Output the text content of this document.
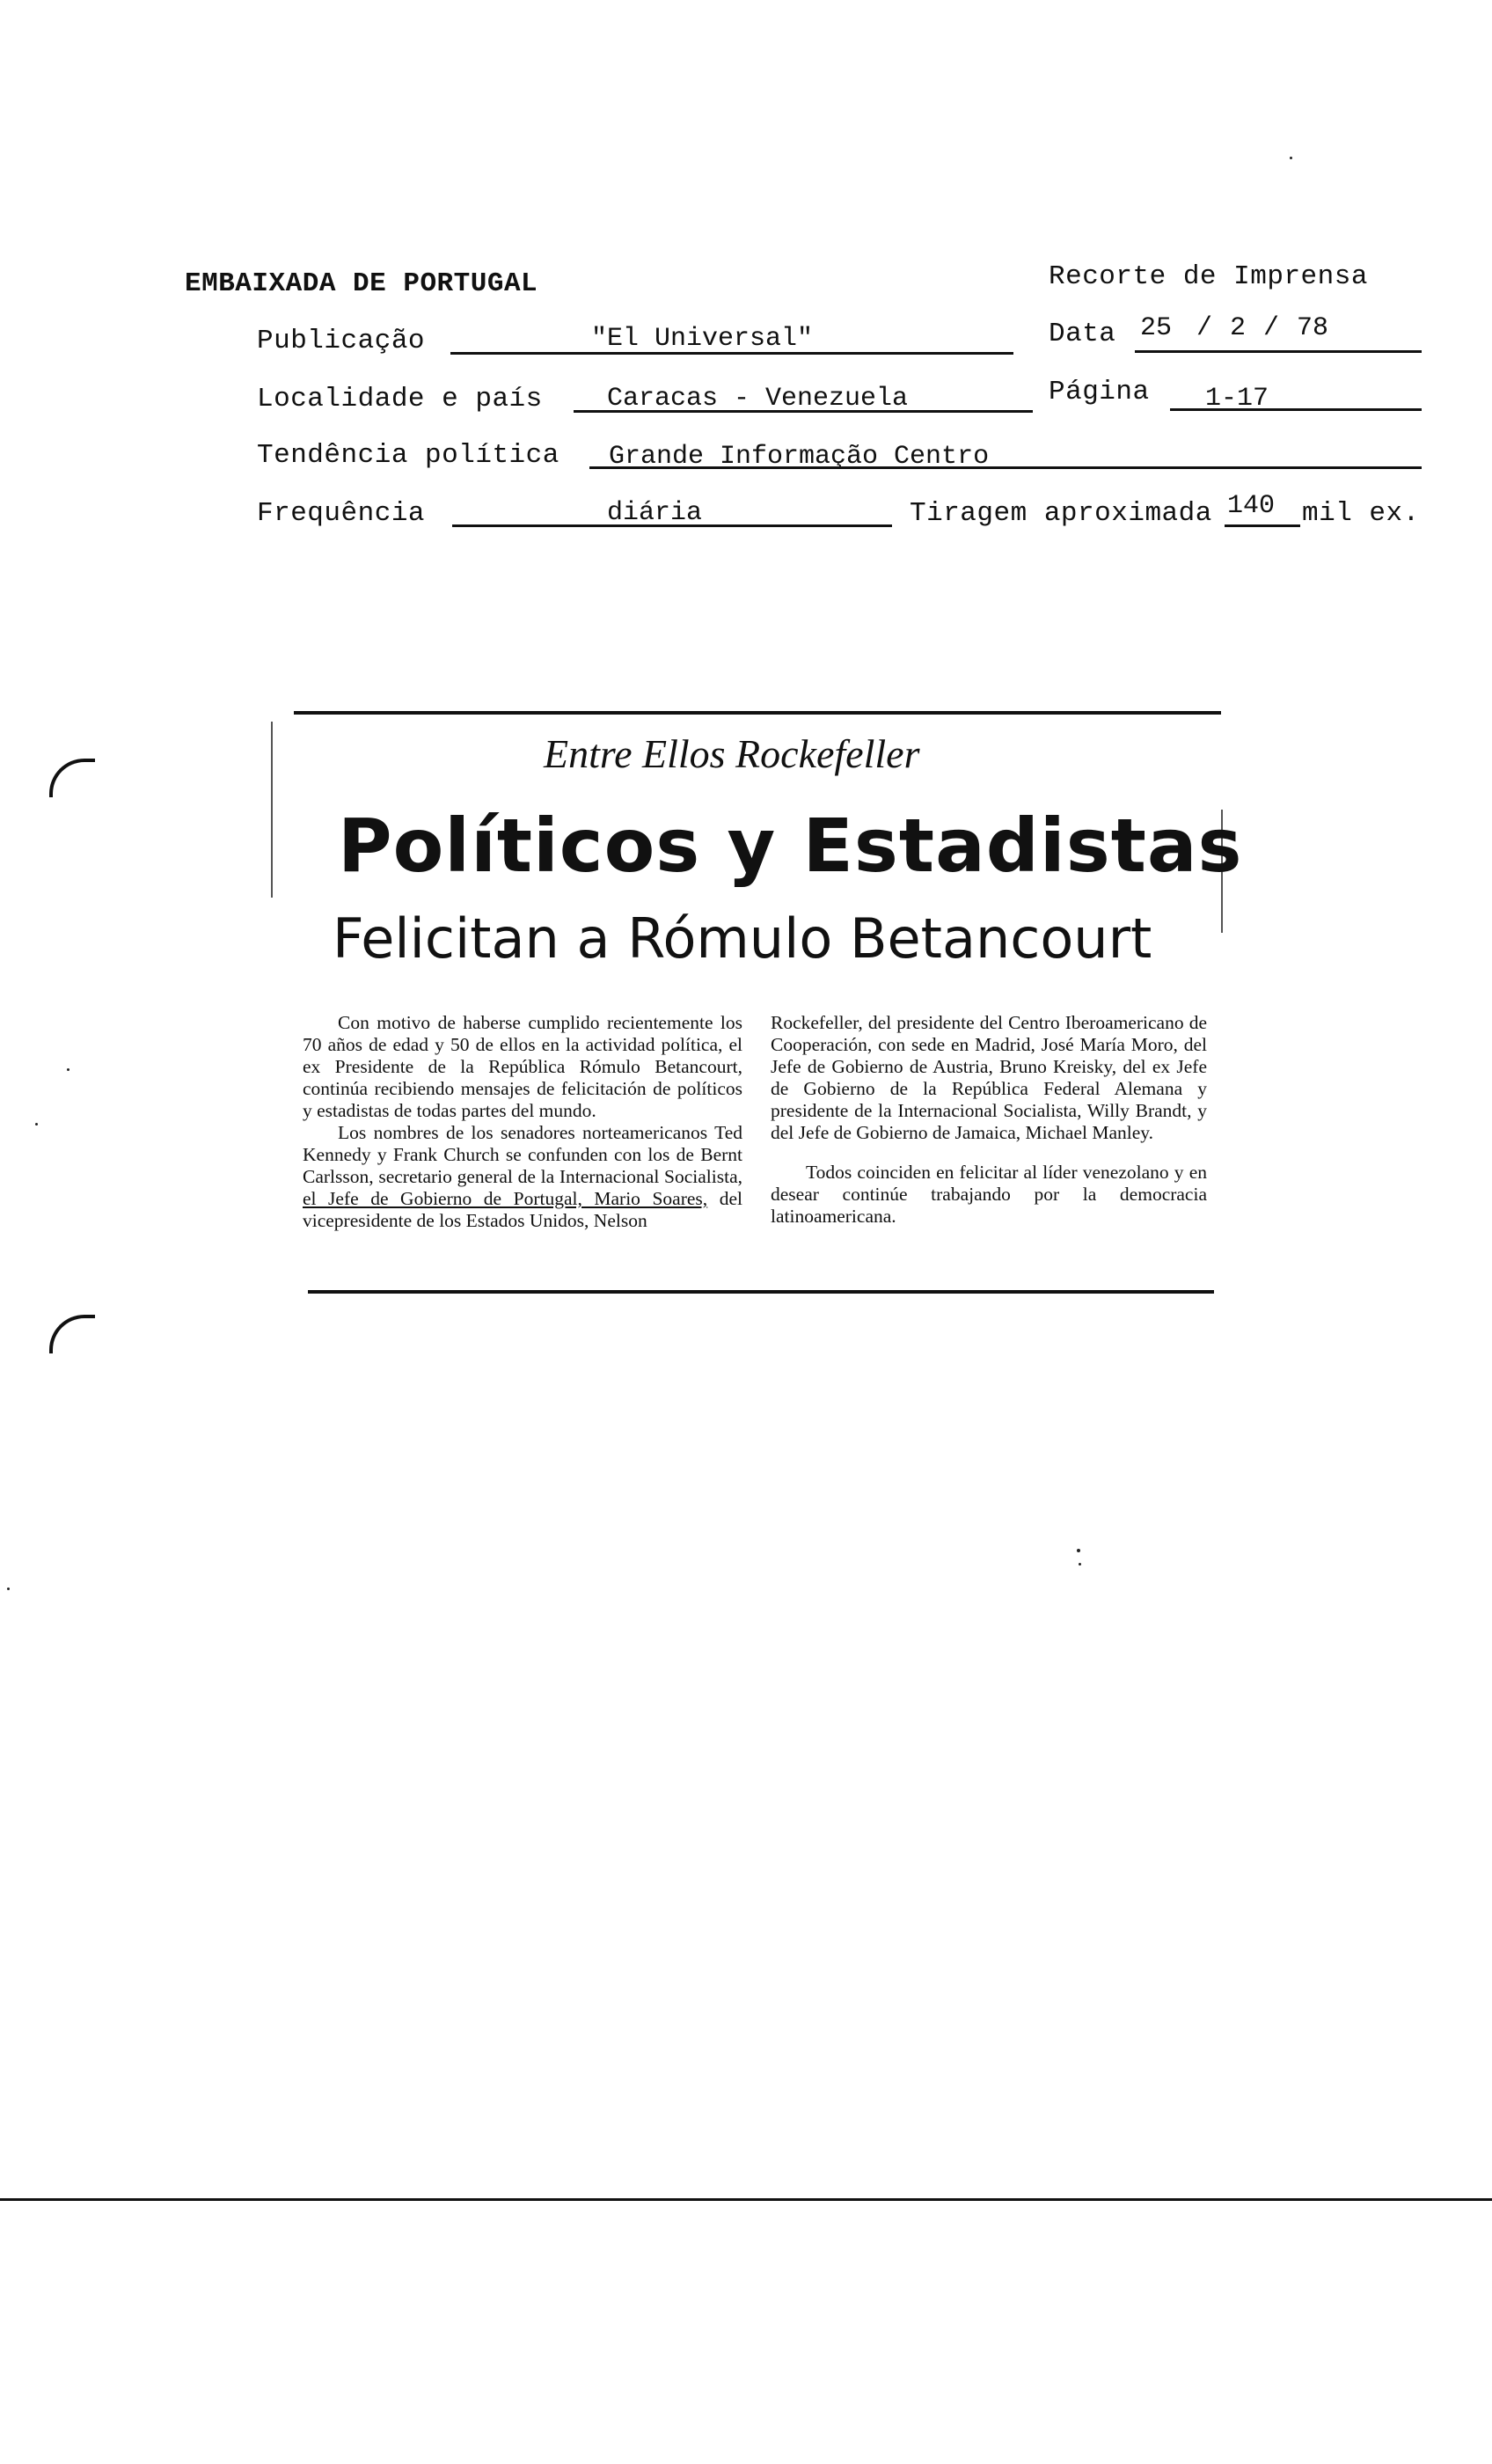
EMBAIXADA DE PORTUGAL	Recorte de Imprensa
Publicação	"El Universal"	Data 25 / 2 / 78
Localidade e país Caracas - Venezuela	Página 1-17
Tendência política Grande Informação Centro
Frequência	diária	Tiragem aproximada 140 mil ex.
Entre Ellos Rockefeller
Políticos y Estadistas
Felicitan a Rómulo Betancourt

Con motivo de haberse cumplido recientemente los 70 años de edad y 50 de ellos en la actividad política, el ex Presidente de la República Rómulo Betancourt, continúa recibiendo mensajes de felicitación de políticos y estadistas de todas partes del mundo.

Los nombres de los senadores norteamericanos Ted Kennedy y Frank Church se confunden con los de Bernt Carlsson, secretario general de la Internacional Socialista, el Jefe de Gobierno de Portugal, Mario Soares, del vicepresidente de los Estados Unidos, Nelson

Rockefeller, del presidente del Centro Iberoamericano de Cooperación, con sede en Madrid, José María Moro, del Jefe de Gobierno de Austria, Bruno Kreisky, del ex Jefe de Gobierno de la República Federal Alemana y presidente de la Internacional Socialista, Willy Brandt, y del Jefe de Gobierno de Jamaica, Michael Manley.

Todos coinciden en felicitar al líder venezolano y en desear continúe trabajando por la democracia latinoamericana.
